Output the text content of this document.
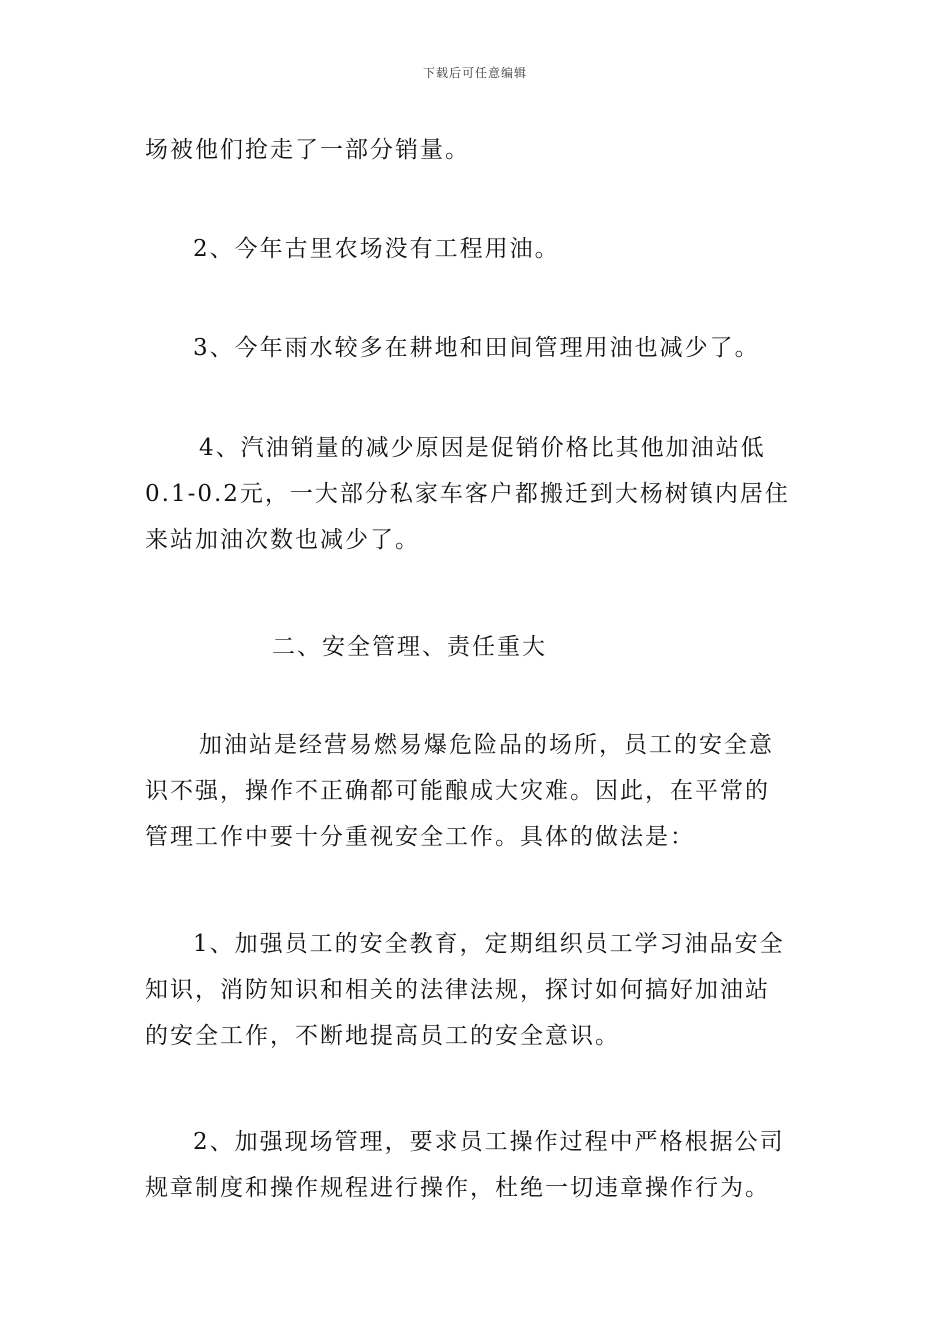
下载后可任意编辑
场被他们抢走了一部分销量。
2、今年古里农场没有工程用油。
3、今年雨水较多在耕地和田间管理用油也减少了。
4、汽油销量的减少原因是促销价格比其他加油站低
0.1-0.2元，一大部分私家车客户都搬迁到大杨树镇内居住
来站加油次数也减少了。
二、安全管理、责任重大
加油站是经营易燃易爆危险品的场所，员工的安全意
识不强，操作不正确都可能酿成大灾难。因此，在平常的
管理工作中要十分重视安全工作。具体的做法是：
1、加强员工的安全教育，定期组织员工学习油品安全
知识，消防知识和相关的法律法规，探讨如何搞好加油站
的安全工作，不断地提高员工的安全意识。
2、加强现场管理，要求员工操作过程中严格根据公司
规章制度和操作规程进行操作，杜绝一切违章操作行为。
